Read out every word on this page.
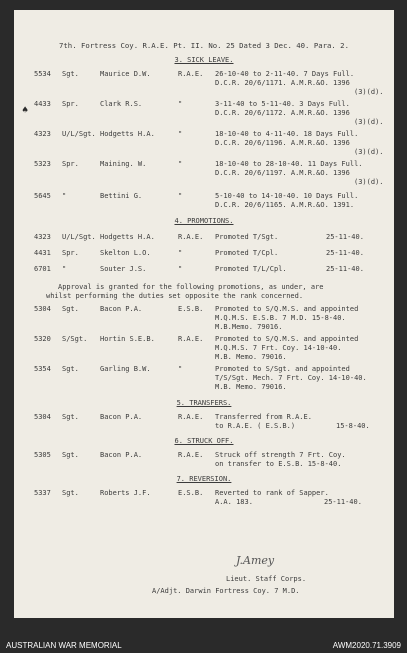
7th. Fortress Coy. R.A.E. Pt. II. No. 25 Dated 3 Dec. 40. Para. 2.
3. SICK LEAVE.
5534 Sgt.	Maurice D.W.	R.A.E. 26-10-40 to 2-11-40. 7 Days Full.
D.C.R. 20/6/1171. A.M.R.&O. 1396
(3)(d).
4433 Spr.	Clark R.S.	"	3-11-40 to 5-11-40. 3 Days Full.
D.C.R. 20/6/1172. A.M.R.&O. 1396
(3)(d).
4323 U/L/Sgt. Hodgetts H.A.	"	18-10-40 to 4-11-40. 18 Days Full.
D.C.R. 20/6/1196. A.M.R.&O. 1396
(3)(d).
5323 Spr.	Maining. W.	"	18-10-40 to 28-10-40. 11 Days Full.
D.C.R. 20/6/1197. A.M.R.&O. 1396
(3)(d).
5645 "	Bettini G.	"	5-10-40 to 14-10-40. 10 Days Full.
D.C.R. 20/6/1165. A.M.R.&O. 1391.
4. PROMOTIONS.
4323 U/L/Sgt. Hodgetts H.A.	R.A.E. Promoted T/Sgt.	25-11-40.
4431 Spr.	Skelton L.O.	"	Promoted T/Cpl.	25-11-40.
6701 "	Souter J.S.	"	Promoted T/L/Cpl.	25-11-40.
Approval is granted for the following promotions, as under, are
whilst performing the duties set opposite the rank concerned.
5304 Sgt.	Bacon P.A.	E.S.B. Promoted to S/Q.M.S. and appointed
M.Q.M.S. E.S.B. 7 M.D. 15-8-40.
M.B.Memo. 79016.
5320 S/Sgt. Hortin S.E.B.	R.A.E. Promoted to S/Q.M.S. and appointed
M.Q.M.S. 7 Frt. Coy. 14-10-40.
M.B. Memo. 79016.
5354 Sgt.	Garling B.W.	"	Promoted to S/Sgt. and appointed
T/S/Sgt. Mech. 7 Frt. Coy. 14-10-40.
M.B. Memo. 79016.
5. TRANSFERS.
5304 Sgt.	Bacon P.A.	R.A.E. Transferred from R.A.E.
to R.A.E. ( E.S.B.)	15-8-40.
6. STRUCK OFF.
5305 Sgt.	Bacon P.A.	R.A.E. Struck off strength 7 Frt. Coy.
on transfer to E.S.B. 15-8-40.
7. REVERSION.
5337 Sgt.	Roberts J.F.	E.S.B. Reverted to rank of Sapper.
A.A. 183.	25-11-40.
J.Amey
Lieut. Staff Corps.
A/Adjt. Darwin Fortress Coy. 7 M.D.
♠
AUSTRALIAN WAR MEMORIAL	AWM2020.71.3909
